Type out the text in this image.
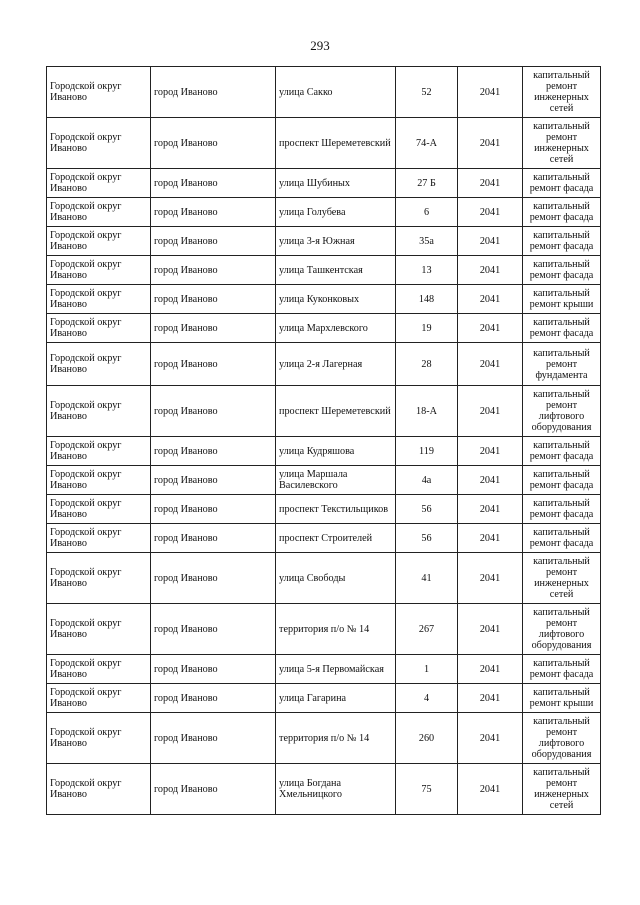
293
Городской округ Иваново	город Иваново	улица Сакко	52	2041	капитальный ремонт инженерных сетей
Городской округ Иваново	город Иваново	проспект Шереметевский	74-А	2041	капитальный ремонт инженерных сетей
Городской округ Иваново	город Иваново	улица Шубиных	27 Б	2041	капитальный ремонт фасада
Городской округ Иваново	город Иваново	улица Голубева	6	2041	капитальный ремонт фасада
Городской округ Иваново	город Иваново	улица 3-я Южная	35а	2041	капитальный ремонт фасада
Городской округ Иваново	город Иваново	улица Ташкентская	13	2041	капитальный ремонт фасада
Городской округ Иваново	город Иваново	улица Куконковых	148	2041	капитальный ремонт крыши
Городской округ Иваново	город Иваново	улица Мархлевского	19	2041	капитальный ремонт фасада
Городской округ Иваново	город Иваново	улица 2-я Лагерная	28	2041	капитальный ремонт фундамента
Городской округ Иваново	город Иваново	проспект Шереметевский	18-А	2041	капитальный ремонт лифтового оборудования
Городской округ Иваново	город Иваново	улица Кудряшова	119	2041	капитальный ремонт фасада
Городской округ Иваново	город Иваново	улица Маршала Василевского	4а	2041	капитальный ремонт фасада
Городской округ Иваново	город Иваново	проспект Текстильщиков	56	2041	капитальный ремонт фасада
Городской округ Иваново	город Иваново	проспект Строителей	56	2041	капитальный ремонт фасада
Городской округ Иваново	город Иваново	улица Свободы	41	2041	капитальный ремонт инженерных сетей
Городской округ Иваново	город Иваново	территория п/о № 14	267	2041	капитальный ремонт лифтового оборудования
Городской округ Иваново	город Иваново	улица 5-я Первомайская	1	2041	капитальный ремонт фасада
Городской округ Иваново	город Иваново	улица Гагарина	4	2041	капитальный ремонт крыши
Городской округ Иваново	город Иваново	территория п/о № 14	260	2041	капитальный ремонт лифтового оборудования
Городской округ Иваново	город Иваново	улица Богдана Хмельницкого	75	2041	капитальный ремонт инженерных сетей
